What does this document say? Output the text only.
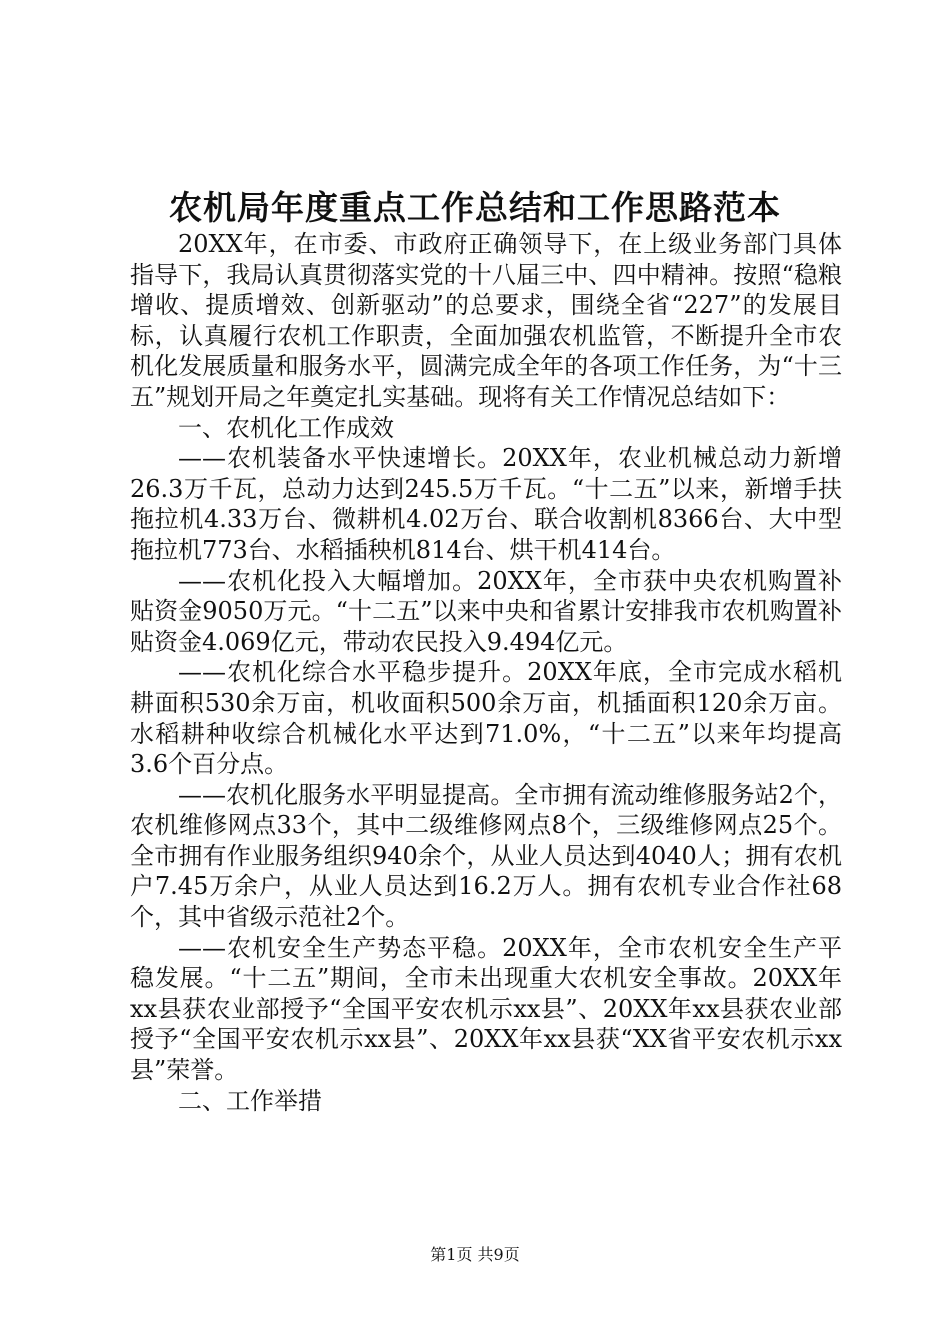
农机局年度重点工作总结和工作思路范本

20XX年，在市委、市政府正确领导下，在上级业务部门具体指导下，我局认真贯彻落实党的十八届三中、四中精神。按照“稳粮增收、提质增效、创新驱动”的总要求，围绕全省“227”的发展目标，认真履行农机工作职责，全面加强农机监管，不断提升全市农机化发展质量和服务水平，圆满完成全年的各项工作任务，为“十三五”规划开局之年奠定扎实基础。现将有关工作情况总结如下：

一、农机化工作成效

——农机装备水平快速增长。20XX年，农业机械总动力新增26.3万千瓦，总动力达到245.5万千瓦。“十二五”以来，新增手扶拖拉机4.33万台、微耕机4.02万台、联合收割机8366台、大中型拖拉机773台、水稻插秧机814台、烘干机414台。

——农机化投入大幅增加。20XX年，全市获中央农机购置补贴资金9050万元。“十二五”以来中央和省累计安排我市农机购置补贴资金4.069亿元，带动农民投入9.494亿元。

——农机化综合水平稳步提升。20XX年底，全市完成水稻机耕面积530余万亩，机收面积500余万亩，机插面积120余万亩。水稻耕种收综合机械化水平达到71.0%，“十二五”以来年均提高3.6个百分点。

——农机化服务水平明显提高。全市拥有流动维修服务站2个，农机维修网点33个，其中二级维修网点8个，三级维修网点25个。全市拥有作业服务组织940余个，从业人员达到4040人；拥有农机户7.45万余户，从业人员达到16.2万人。拥有农机专业合作社68个，其中省级示范社2个。

——农机安全生产势态平稳。20XX年，全市农机安全生产平稳发展。“十二五”期间，全市未出现重大农机安全事故。20XX年xx县获农业部授予“全国平安农机示xx县”、20XX年xx县获农业部授予“全国平安农机示xx县”、20XX年xx县获“XX省平安农机示xx县”荣誉。

二、工作举措

第1页 共9页
